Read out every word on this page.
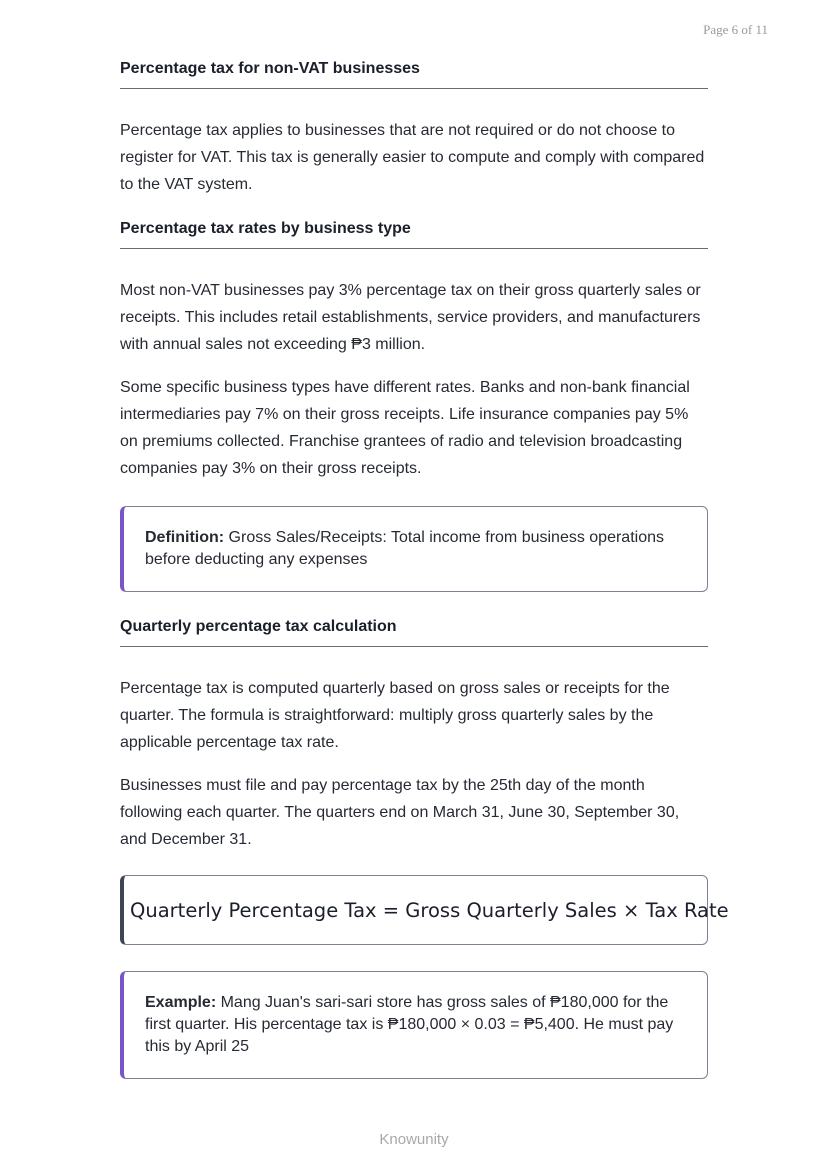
Page 6 of 11
Percentage tax for non-VAT businesses

Percentage tax applies to businesses that are not required or do not choose to register for VAT. This tax is generally easier to compute and comply with compared to the VAT system.

Percentage tax rates by business type

Most non-VAT businesses pay 3% percentage tax on their gross quarterly sales or receipts. This includes retail establishments, service providers, and manufacturers with annual sales not exceeding ₱3 million.

Some specific business types have different rates. Banks and non-bank financial intermediaries pay 7% on their gross receipts. Life insurance companies pay 5% on premiums collected. Franchise grantees of radio and television broadcasting companies pay 3% on their gross receipts.

Definition: Gross Sales/Receipts: Total income from business operations before deducting any expenses
Quarterly percentage tax calculation

Percentage tax is computed quarterly based on gross sales or receipts for the quarter. The formula is straightforward: multiply gross quarterly sales by the applicable percentage tax rate.

Businesses must file and pay percentage tax by the 25th day of the month following each quarter. The quarters end on March 31, June 30, September 30, and December 31.

Quarterly Percentage Tax = Gross Quarterly Sales × Tax Rate
Example: Mang Juan's sari-sari store has gross sales of ₱180,000 for the first quarter. His percentage tax is ₱180,000 × 0.03 = ₱5,400. He must pay this by April 25
Knowunity
